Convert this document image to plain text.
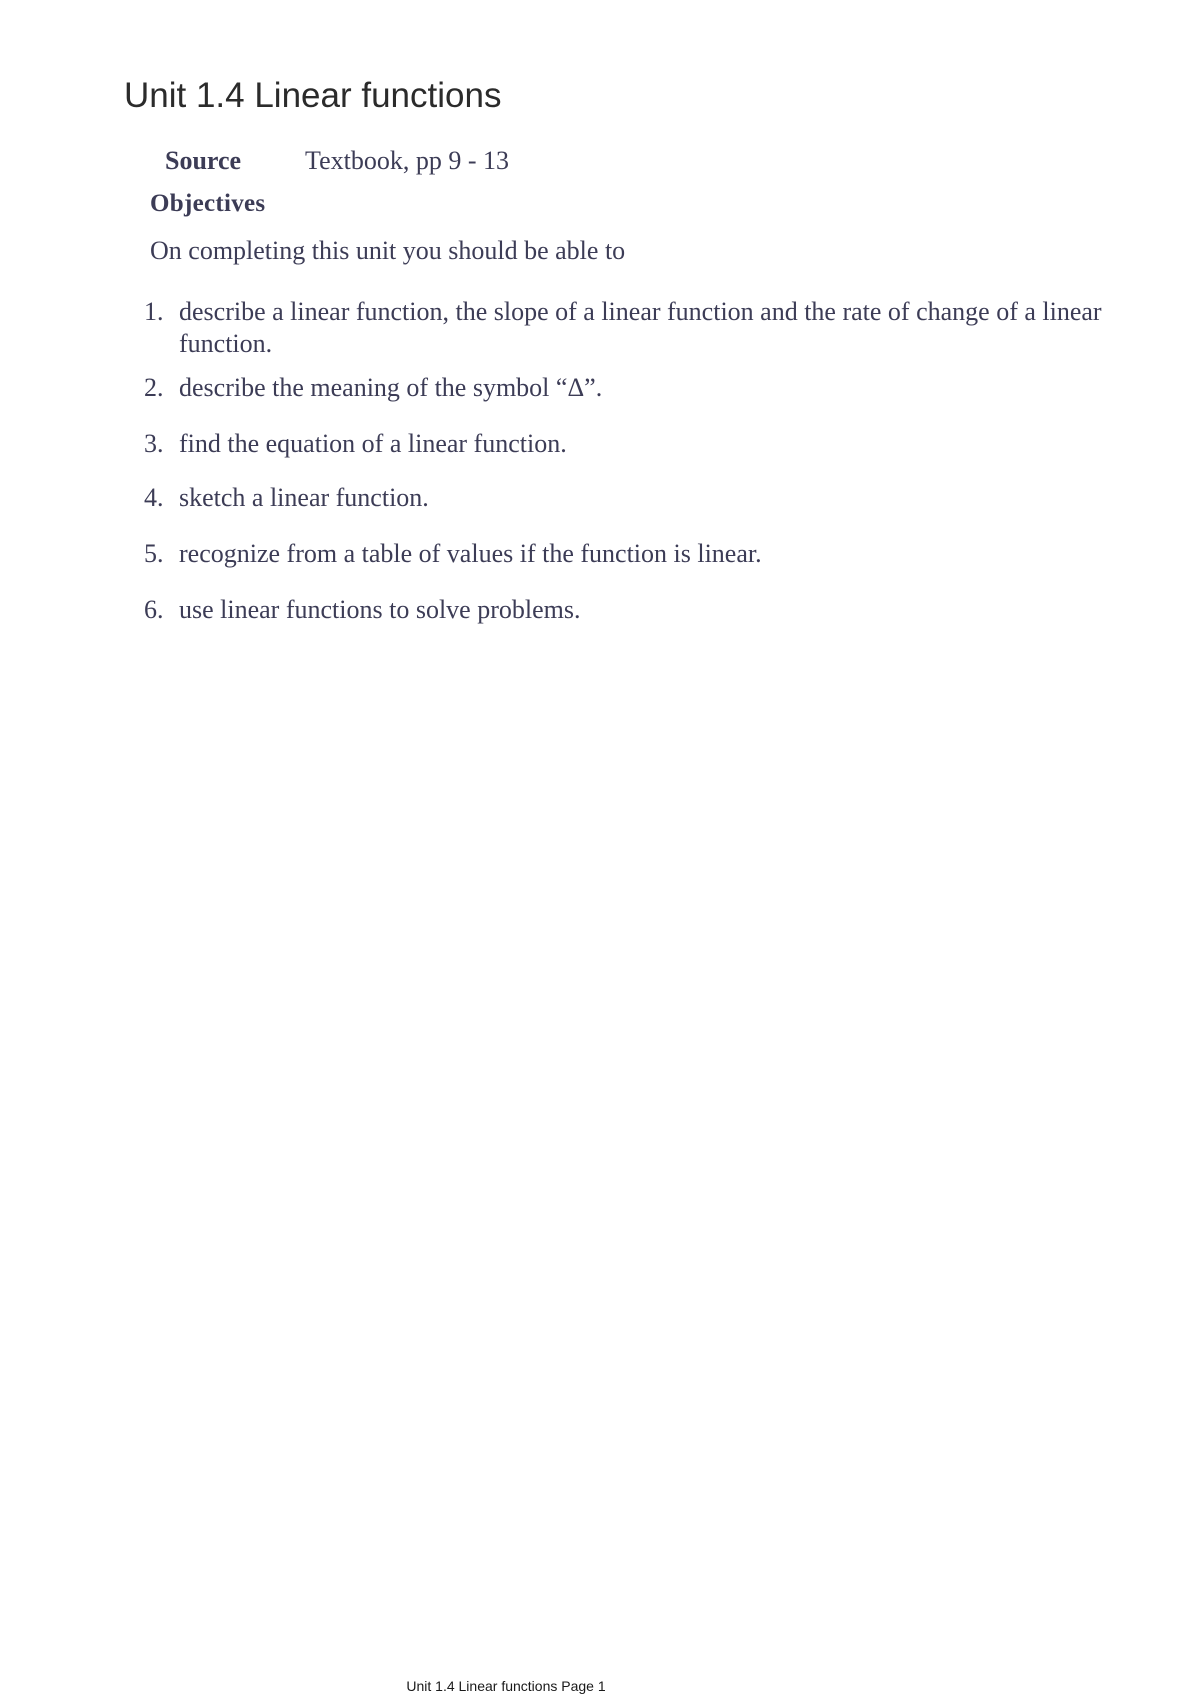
Unit 1.4 Linear functions
Source Textbook, pp 9 - 13
Objectives
On completing this unit you should be able to
1. describe a linear function, the slope of a linear function and the rate of change of a linear function.
2. describe the meaning of the symbol “Δ”.
3. find the equation of a linear function.
4. sketch a linear function.
5. recognize from a table of values if the function is linear.
6. use linear functions to solve problems.
Unit 1.4 Linear functions Page 1
